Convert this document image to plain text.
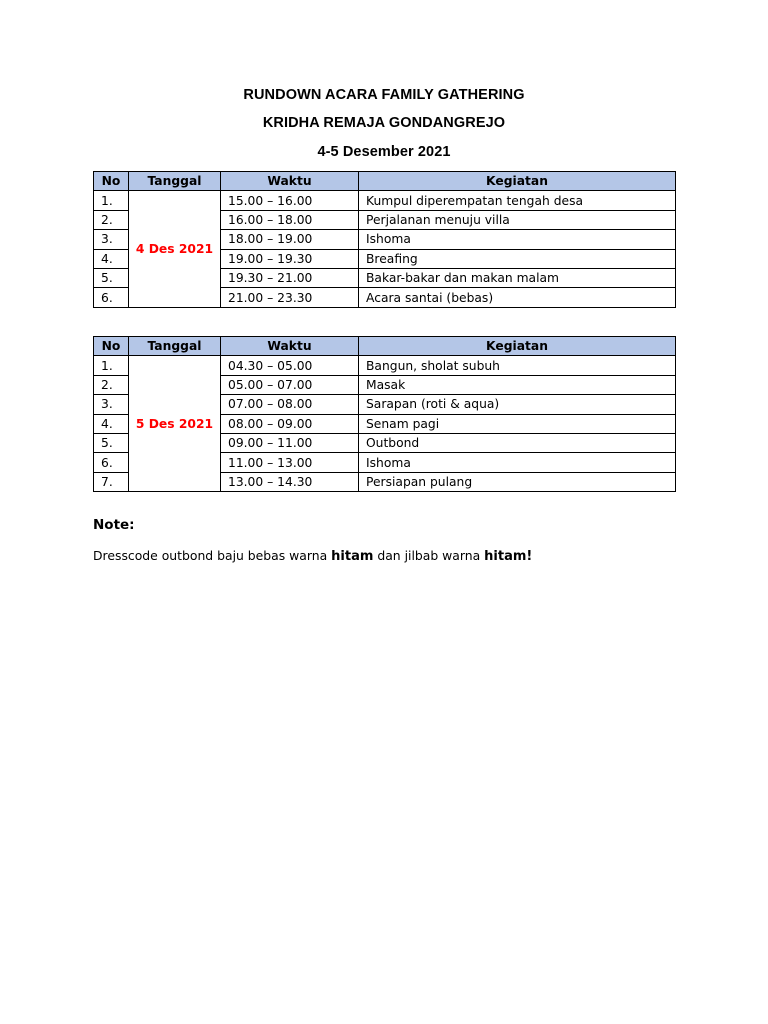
RUNDOWN ACARA FAMILY GATHERING
KRIDHA REMAJA GONDANGREJO
4-5 Desember 2021
No	Tanggal	Waktu	Kegiatan
1.	4 Des 2021	15.00 – 16.00	Kumpul diperempatan tengah desa
2.		16.00 – 18.00	Perjalanan menuju villa
3.		18.00 – 19.00	Ishoma
4.		19.00 – 19.30	Breafing
5.		19.30 – 21.00	Bakar-bakar dan makan malam
6.		21.00 – 23.30	Acara santai (bebas)
No	Tanggal	Waktu	Kegiatan
1.	5 Des 2021	04.30 – 05.00	Bangun, sholat subuh
2.		05.00 – 07.00	Masak
3.		07.00 – 08.00	Sarapan (roti & aqua)
4.		08.00 – 09.00	Senam pagi
5.		09.00 – 11.00	Outbond
6.		11.00 – 13.00	Ishoma
7.		13.00 – 14.30	Persiapan pulang
Note:
Dresscode outbond baju bebas warna hitam dan jilbab warna hitam!
